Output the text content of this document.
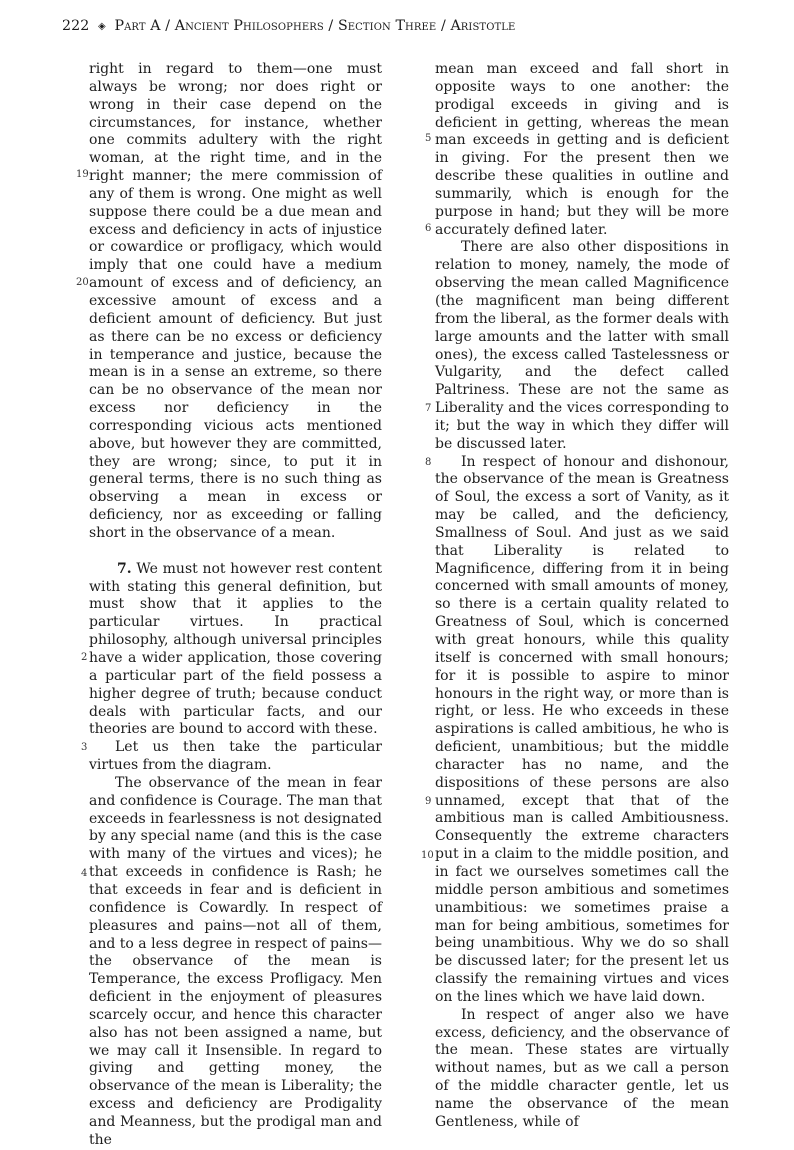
222 ◈ Part A / Ancient Philosophers / Section Three / Aristotle

right in regard to them—one must always be wrong; nor does right or wrong in their case depend on the circumstances, for instance, whether one commits adultery with the right woman, at the right time, and in the right manner; the mere commission of any of them is wrong. One might as well suppose there could be a due mean and excess and deficiency in acts of injustice or cowardice or profligacy, which would imply that one could have a medium amount of excess and of deficiency, an excessive amount of excess and a deficient amount of deficiency. But just as there can be no excess or deficiency in temperance and justice, because the mean is in a sense an extreme, so there can be no observance of the mean nor excess nor deficiency in the corresponding vicious acts mentioned above, but however they are committed, they are wrong; since, to put it in general terms, there is no such thing as observing a mean in excess or deficiency, nor as exceeding or falling short in the observance of a mean.

7. We must not however rest content with stating this general definition, but must show that it applies to the particular virtues. In practical philosophy, although universal principles have a wider application, those covering a particular part of the field possess a higher degree of truth; because conduct deals with particular facts, and our theories are bound to accord with these.

Let us then take the particular virtues from the diagram.

The observance of the mean in fear and confidence is Courage. The man that exceeds in fearlessness is not designated by any special name (and this is the case with many of the virtues and vices); he that exceeds in confidence is Rash; he that exceeds in fear and is deficient in confidence is Cowardly. In respect of pleasures and pains—not all of them, and to a less degree in respect of pains—the observance of the mean is Temperance, the excess Profligacy. Men deficient in the enjoyment of pleasures scarcely occur, and hence this character also has not been assigned a name, but we may call it Insensible. In regard to giving and getting money, the observance of the mean is Liberality; the excess and deficiency are Prodigality and Meanness, but the prodigal man and the

mean man exceed and fall short in opposite ways to one another: the prodigal exceeds in giving and is deficient in getting, whereas the mean man exceeds in getting and is deficient in giving. For the present then we describe these qualities in outline and summarily, which is enough for the purpose in hand; but they will be more accurately defined later.

There are also other dispositions in relation to money, namely, the mode of observing the mean called Magnificence (the magnificent man being different from the liberal, as the former deals with large amounts and the latter with small ones), the excess called Tastelessness or Vulgarity, and the defect called Paltriness. These are not the same as Liberality and the vices corresponding to it; but the way in which they differ will be discussed later.

In respect of honour and dishonour, the observance of the mean is Greatness of Soul, the excess a sort of Vanity, as it may be called, and the deficiency, Smallness of Soul. And just as we said that Liberality is related to Magnificence, differing from it in being concerned with small amounts of money, so there is a certain quality related to Greatness of Soul, which is concerned with great honours, while this quality itself is concerned with small honours; for it is possible to aspire to minor honours in the right way, or more than is right, or less. He who exceeds in these aspirations is called ambitious, he who is deficient, unambitious; but the middle character has no name, and the dispositions of these persons are also unnamed, except that that of the ambitious man is called Ambitiousness. Consequently the extreme characters put in a claim to the middle position, and in fact we ourselves sometimes call the middle person ambitious and sometimes unambitious: we sometimes praise a man for being ambitious, sometimes for being unambitious. Why we do so shall be discussed later; for the present let us classify the remaining virtues and vices on the lines which we have laid down.

In respect of anger also we have excess, deficiency, and the observance of the mean. These states are virtually without names, but as we call a person of the middle character gentle, let us name the observance of the mean Gentleness, while of

19
20
2
3
4
5
6
7
8
9
10
